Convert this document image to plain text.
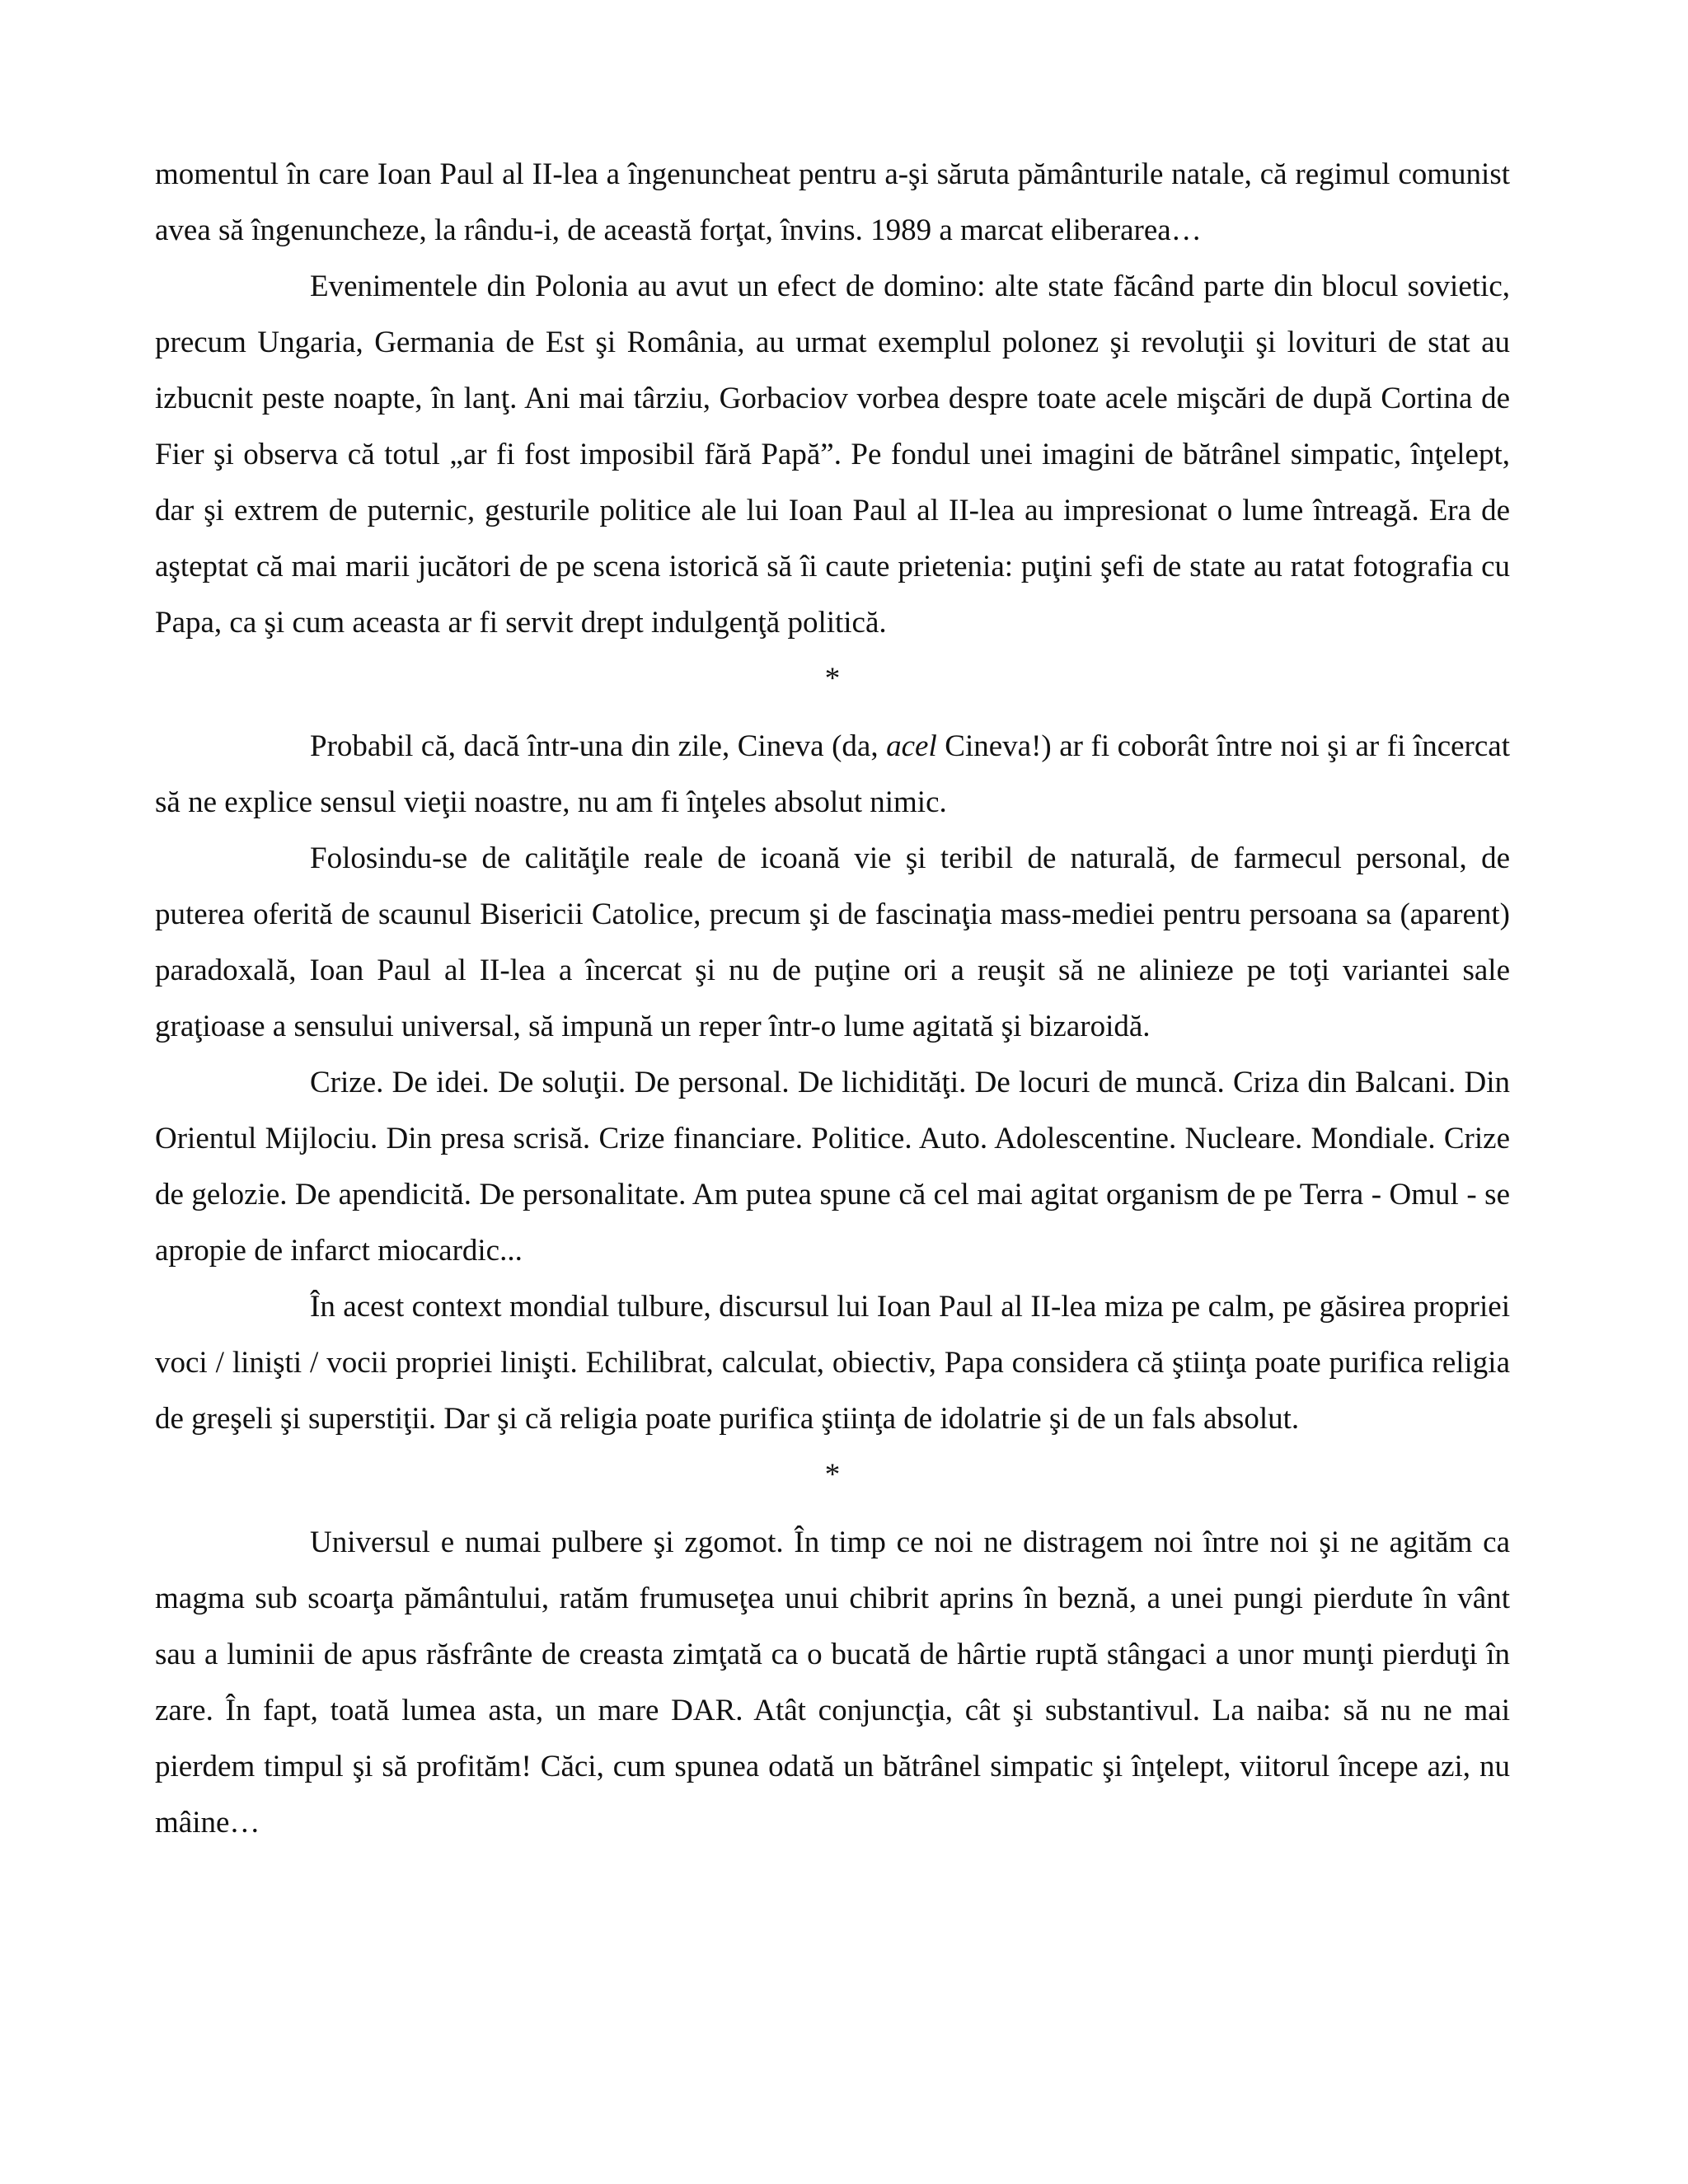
momentul în care Ioan Paul al II-lea a îngenuncheat pentru a-şi săruta pământurile natale, că regimul comunist avea să îngenuncheze, la rându-i, de această forţat, învins. 1989 a marcat eliberarea…

Evenimentele din Polonia au avut un efect de domino: alte state făcând parte din blocul sovietic, precum Ungaria, Germania de Est şi România, au urmat exemplul polonez şi revoluţii şi lovituri de stat au izbucnit peste noapte, în lanţ. Ani mai târziu, Gorbaciov vorbea despre toate acele mişcări de după Cortina de Fier şi observa că totul „ar fi fost imposibil fără Papă”. Pe fondul unei imagini de bătrânel simpatic, înţelept, dar şi extrem de puternic, gesturile politice ale lui Ioan Paul al II-lea au impresionat o lume întreagă. Era de aşteptat că mai marii jucători de pe scena istorică să îi caute prietenia: puţini şefi de state au ratat fotografia cu Papa, ca şi cum aceasta ar fi servit drept indulgenţă politică.

*

Probabil că, dacă într-una din zile, Cineva (da, acel Cineva!) ar fi coborât între noi şi ar fi încercat să ne explice sensul vieţii noastre, nu am fi înţeles absolut nimic.

Folosindu-se de calităţile reale de icoană vie şi teribil de naturală, de farmecul personal, de puterea oferită de scaunul Bisericii Catolice, precum şi de fascinaţia mass-mediei pentru persoana sa (aparent) paradoxală, Ioan Paul al II-lea a încercat şi nu de puţine ori a reuşit să ne alinieze pe toţi variantei sale graţioase a sensului universal, să impună un reper într-o lume agitată şi bizaroidă.

Crize. De idei. De soluţii. De personal. De lichidităţi. De locuri de muncă. Criza din Balcani. Din Orientul Mijlociu. Din presa scrisă. Crize financiare. Politice. Auto. Adolescentine. Nucleare. Mondiale. Crize de gelozie. De apendicită. De personalitate. Am putea spune că cel mai agitat organism de pe Terra - Omul - se apropie de infarct miocardic...

În acest context mondial tulbure, discursul lui Ioan Paul al II-lea miza pe calm, pe găsirea propriei voci / linişti / vocii propriei linişti. Echilibrat, calculat, obiectiv, Papa considera că ştiinţa poate purifica religia de greşeli şi superstiţii. Dar şi că religia poate purifica ştiinţa de idolatrie şi de un fals absolut.

*

Universul e numai pulbere şi zgomot. În timp ce noi ne distragem noi între noi şi ne agităm ca magma sub scoarţa pământului, ratăm frumuseţea unui chibrit aprins în beznă, a unei pungi pierdute în vânt sau a luminii de apus răsfrânte de creasta zimţată ca o bucată de hârtie ruptă stângaci a unor munţi pierduţi în zare. În fapt, toată lumea asta, un mare DAR. Atât conjuncţia, cât şi substantivul. La naiba: să nu ne mai pierdem timpul şi să profităm! Căci, cum spunea odată un bătrânel simpatic şi înţelept, viitorul începe azi, nu mâine…
